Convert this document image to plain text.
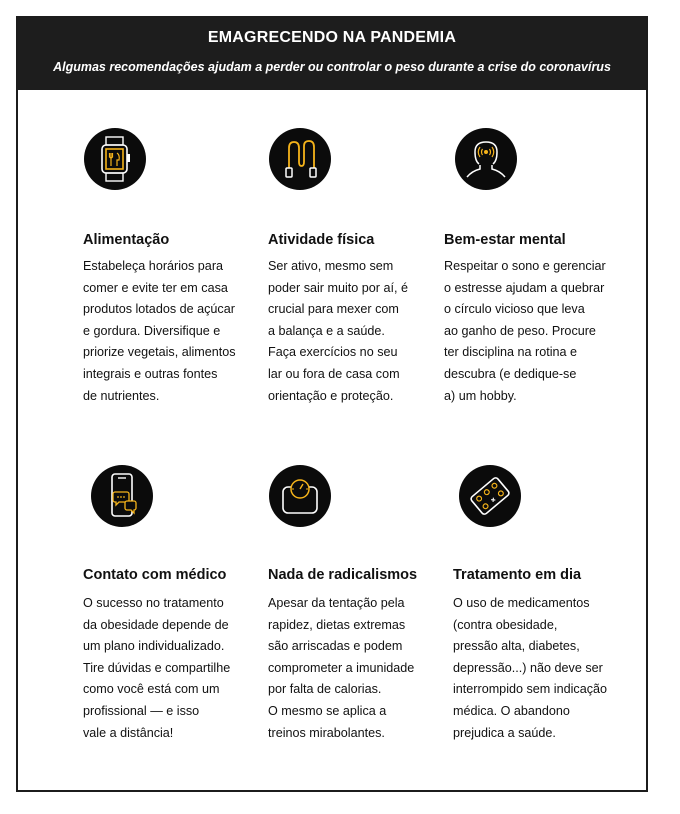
EMAGRECENDO NA PANDEMIA
Algumas recomendações ajudam a perder ou controlar o peso durante a crise do coronavírus
Alimentação
Estabeleça horários para
comer e evite ter em casa
produtos lotados de açúcar
e gordura. Diversifique e
priorize vegetais, alimentos
integrais e outras fontes
de nutrientes.
Atividade física
Ser ativo, mesmo sem
poder sair muito por aí, é
crucial para mexer com
a balança e a saúde.
Faça exercícios no seu
lar ou fora de casa com
orientação e proteção.
Bem-estar mental
Respeitar o sono e gerenciar
o estresse ajudam a quebrar
o círculo vicioso que leva
ao ganho de peso. Procure
ter disciplina na rotina e
descubra (e dedique-se
a) um hobby.
Contato com médico
O sucesso no tratamento
da obesidade depende de
um plano individualizado.
Tire dúvidas e compartilhe
como você está com um
profissional — e isso
vale a distância!
Nada de radicalismos
Apesar da tentação pela
rapidez, dietas extremas
são arriscadas e podem
comprometer a imunidade
por falta de calorias.
O mesmo se aplica a
treinos mirabolantes.
Tratamento em dia
O uso de medicamentos
(contra obesidade,
pressão alta, diabetes,
depressão...) não deve ser
interrompido sem indicação
médica. O abandono
prejudica a saúde.
